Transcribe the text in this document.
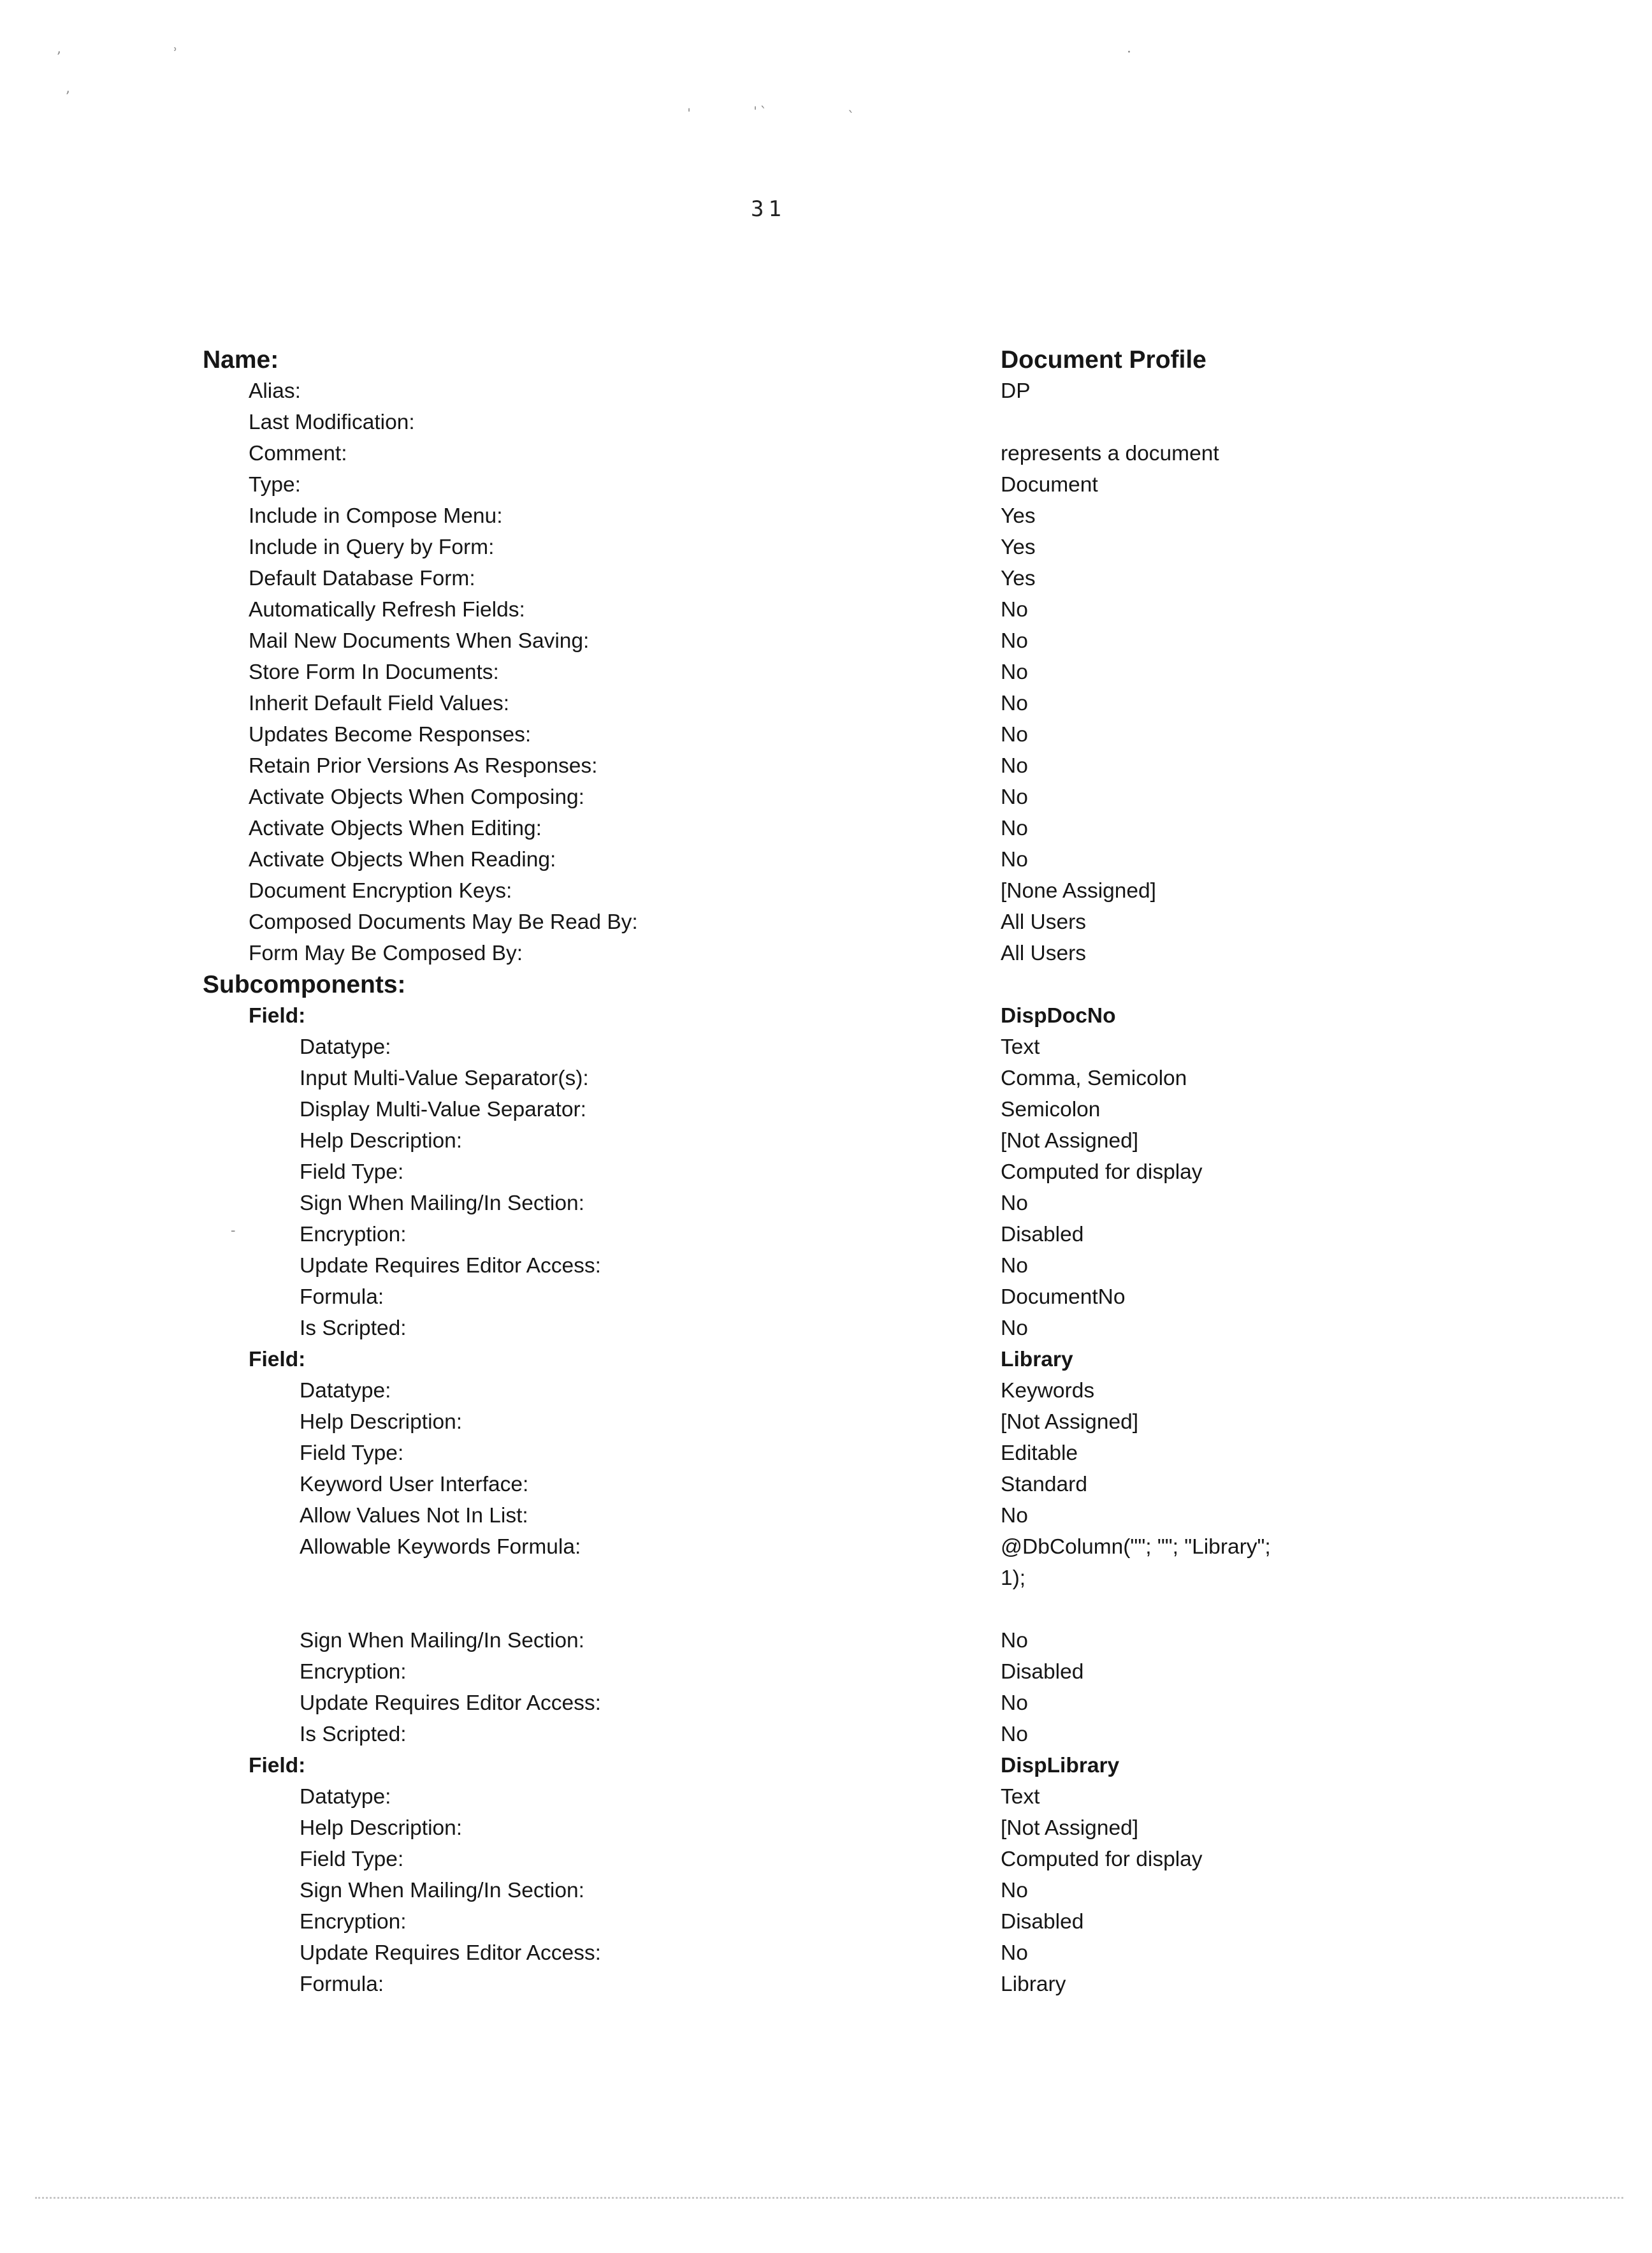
31
Name:	Document Profile
Alias:	DP
Last Modification:
Comment:	represents a document
Type:	Document
Include in Compose Menu:	Yes
Include in Query by Form:	Yes
Default Database Form:	Yes
Automatically Refresh Fields:	No
Mail New Documents When Saving:	No
Store Form In Documents:	No
Inherit Default Field Values:	No
Updates Become Responses:	No
Retain Prior Versions As Responses:	No
Activate Objects When Composing:	No
Activate Objects When Editing:	No
Activate Objects When Reading:	No
Document Encryption Keys:	[None Assigned]
Composed Documents May Be Read By:	All Users
Form May Be Composed By:	All Users
Subcomponents:
Field:	DispDocNo
Datatype:	Text
Input Multi-Value Separator(s):	Comma, Semicolon
Display Multi-Value Separator:	Semicolon
Help Description:	[Not Assigned]
Field Type:	Computed for display
Sign When Mailing/In Section:	No
Encryption:	Disabled
Update Requires Editor Access:	No
Formula:	DocumentNo
Is Scripted:	No
Field:	Library
Datatype:	Keywords
Help Description:	[Not Assigned]
Field Type:	Editable
Keyword User Interface:	Standard
Allow Values Not In List:	No
Allowable Keywords Formula:	@DbColumn(""; ""; "Library";
1);
Sign When Mailing/In Section:	No
Encryption:	Disabled
Update Requires Editor Access:	No
Is Scripted:	No
Field:	DispLibrary
Datatype:	Text
Help Description:	[Not Assigned]
Field Type:	Computed for display
Sign When Mailing/In Section:	No
Encryption:	Disabled
Update Requires Editor Access:	No
Formula:	Library
ʼ	ʾ
ʼ
ˈ ˋ	ˋ
ˈ
-
·
